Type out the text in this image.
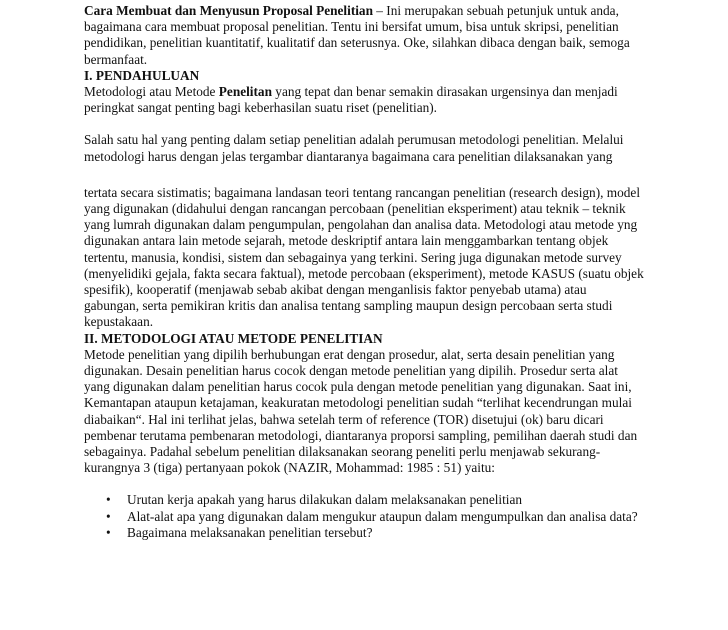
Cara Membuat dan Menyusun Proposal Penelitian – Ini merupakan sebuah petunjuk untuk anda, bagaimana cara membuat proposal penelitian. Tentu ini bersifat umum, bisa untuk skripsi, penelitian pendidikan, penelitian kuantitatif, kualitatif dan seterusnya. Oke, silahkan dibaca dengan baik, semoga bermanfaat.

I. PENDAHULUAN

Metodologi atau Metode Penelitan yang tepat dan benar semakin dirasakan urgensinya dan menjadi peringkat sangat penting bagi keberhasilan suatu riset (penelitian).

Salah satu hal yang penting dalam setiap penelitian adalah perumusan metodologi penelitian. Melalui metodologi harus dengan jelas tergambar diantaranya bagaimana cara penelitian dilaksanakan yang

tertata secara sistimatis; bagaimana landasan teori tentang rancangan penelitian (research design), model yang digunakan (didahului dengan rancangan percobaan (penelitian eksperiment) atau teknik – teknik yang lumrah digunakan dalam pengumpulan, pengolahan dan analisa data. Metodologi atau metode yng digunakan antara lain metode sejarah, metode deskriptif antara lain menggambarkan tentang objek tertentu, manusia, kondisi, sistem dan sebagainya yang terkini. Sering juga digunakan metode survey (menyelidiki gejala, fakta secara faktual), metode percobaan (eksperiment), metode KASUS (suatu objek spesifik), kooperatif (menjawab sebab akibat dengan menganlisis faktor penyebab utama) atau gabungan, serta pemikiran kritis dan analisa tentang sampling maupun design percobaan serta studi kepustakaan.

II. METODOLOGI ATAU METODE PENELITIAN

Metode penelitian yang dipilih berhubungan erat dengan prosedur, alat, serta desain penelitian yang digunakan. Desain penelitian harus cocok dengan metode penelitian yang dipilih. Prosedur serta alat yang digunakan dalam penelitian harus cocok pula dengan metode penelitian yang digunakan. Saat ini, Kemantapan ataupun ketajaman, keakuratan metodologi penelitian sudah “terlihat kecendrungan mulai diabaikan“. Hal ini terlihat jelas, bahwa setelah term of reference (TOR) disetujui (ok) baru dicari pembenar terutama pembenaran metodologi, diantaranya proporsi sampling, pemilihan daerah studi dan sebagainya. Padahal sebelum penelitian dilaksanakan seorang peneliti perlu menjawab sekurang-kurangnya 3 (tiga) pertanyaan pokok (NAZIR, Mohammad: 1985 : 51) yaitu:

• Urutan kerja apakah yang harus dilakukan dalam melaksanakan penelitian
• Alat-alat apa yang digunakan dalam mengukur ataupun dalam mengumpulkan dan analisa data?
• Bagaimana melaksanakan penelitian tersebut?
